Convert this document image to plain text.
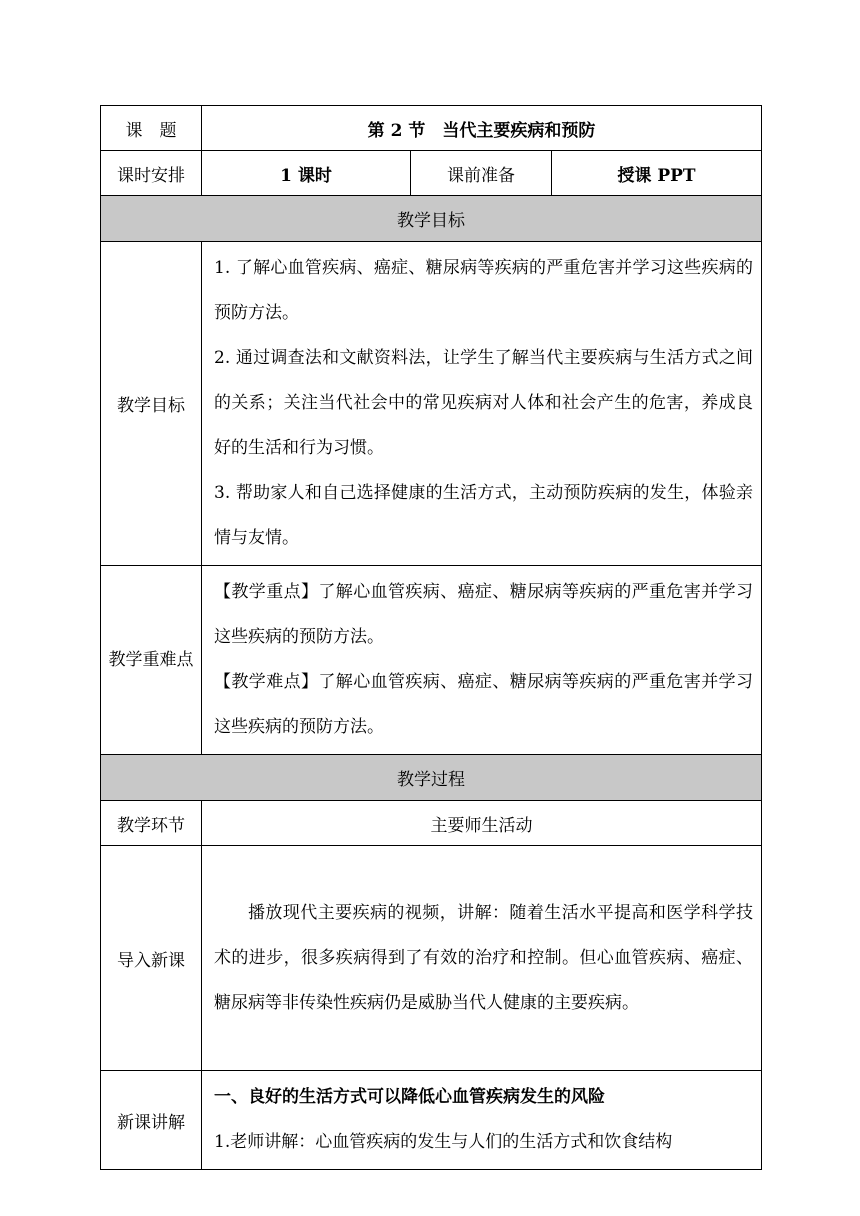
课　题	第 2 节　当代主要疾病和预防		
课时安排	1 课时	课前准备	授课 PPT
教学目标			
教学目标	1. 了解心血管疾病、癌症、糖尿病等疾病的严重危害并学习这些疾病的预防方法。

2. 通过调查法和文献资料法，让学生了解当代主要疾病与生活方式之间的关系；关注当代社会中的常见疾病对人体和社会产生的危害，养成良好的生活和行为习惯。

3. 帮助家人和自己选择健康的生活方式，主动预防疾病的发生，体验亲情与友情。		

教学重难点	【教学重点】了解心血管疾病、癌症、糖尿病等疾病的严重危害并学习这些疾病的预防方法。

【教学难点】了解心血管疾病、癌症、糖尿病等疾病的严重危害并学习这些疾病的预防方法。		

教学过程			
教学环节	主要师生活动		
导入新课	播放现代主要疾病的视频，讲解：随着生活水平提高和医学科学技术的进步，很多疾病得到了有效的治疗和控制。但心血管疾病、癌症、糖尿病等非传染性疾病仍是威胁当代人健康的主要疾病。		

新课讲解	一、良好的生活方式可以降低心血管疾病发生的风险

1.老师讲解：心血管疾病的发生与人们的生活方式和饮食结构		
